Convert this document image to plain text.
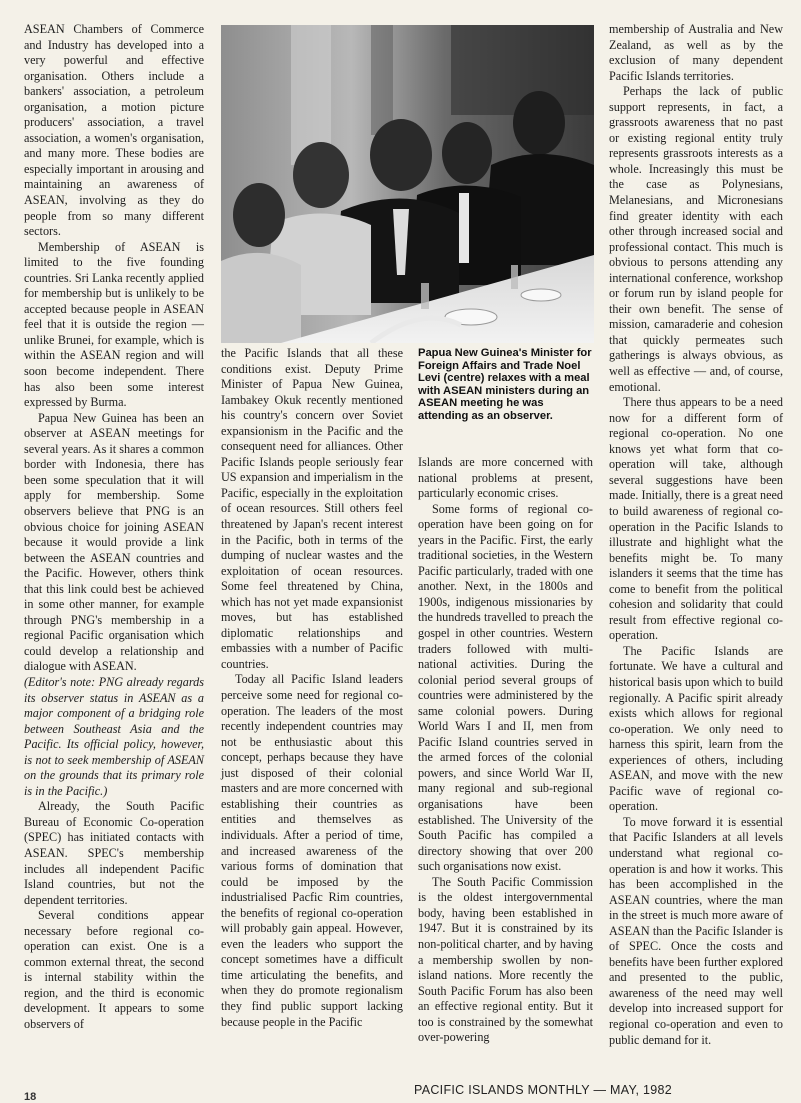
ASEAN Chambers of Commerce and Industry has developed into a very powerful and effective organisation. Others include a bankers' association, a petroleum organisation, a motion picture producers' association, a travel association, a women's organisation, and many more. These bodies are especially important in arousing and maintaining an awareness of ASEAN, involving as they do people from so many different sectors.

Membership of ASEAN is limited to the five founding countries. Sri Lanka recently applied for membership but is unlikely to be accepted because people in ASEAN feel that it is outside the region — unlike Brunei, for example, which is within the ASEAN region and will soon become independent. There has also been some interest expressed by Burma.

Papua New Guinea has been an observer at ASEAN meetings for several years. As it shares a common border with Indonesia, there has been some speculation that it will apply for membership. Some observers believe that PNG is an obvious choice for joining ASEAN because it would provide a link between the ASEAN countries and the Pacific. However, others think that this link could best be achieved in some other manner, for example through PNG's membership in a regional Pacific organisation which could develop a relationship and dialogue with ASEAN.

(Editor's note: PNG already regards its observer status in ASEAN as a major component of a bridging role between Southeast Asia and the Pacific. Its official policy, however, is not to seek membership of ASEAN on the grounds that its primary role is in the Pacific.)

Already, the South Pacific Bureau of Economic Co-operation (SPEC) has initiated contacts with ASEAN. SPEC's membership includes all independent Pacific Island countries, but not the dependent territories.

Several conditions appear necessary before regional co-operation can exist. One is a common external threat, the second is internal stability within the region, and the third is economic development. It appears to some observers of

the Pacific Islands that all these conditions exist. Deputy Prime Minister of Papua New Guinea, Iambakey Okuk recently mentioned his country's concern over Soviet expansionism in the Pacific and the consequent need for alliances. Other Pacific Islands people seriously fear US expansion and imperialism in the Pacific, especially in the exploitation of ocean resources. Still others feel threatened by Japan's recent interest in the Pacific, both in terms of the dumping of nuclear wastes and the exploitation of ocean resources. Some feel threatened by China, which has not yet made expansionist moves, but has established diplomatic relationships and embassies with a number of Pacific countries.

Today all Pacific Island leaders perceive some need for regional co-operation. The leaders of the most recently independent countries may not be enthusiastic about this concept, perhaps because they have just disposed of their colonial masters and are more concerned with establishing their countries as entities and themselves as individuals. After a period of time, and increased awareness of the various forms of domination that could be imposed by the industrialised Pacfic Rim countries, the benefits of regional co-operation will probably gain appeal. However, even the leaders who support the concept sometimes have a difficult time articulating the benefits, and when they do promote regionalism they find public support lacking because people in the Pacific

Papua New Guinea's Minister for Foreign Affairs and Trade Noel Levi (centre) relaxes with a meal with ASEAN ministers during an ASEAN meeting he was attending as an observer.

Islands are more concerned with national problems at present, particularly economic crises.

Some forms of regional co-operation have been going on for years in the Pacific. First, the early traditional societies, in the Western Pacific particularly, traded with one another. Next, in the 1800s and 1900s, indigenous missionaries by the hundreds travelled to preach the gospel in other countries. Western traders followed with multi-national activities. During the colonial period several groups of countries were administered by the same colonial powers. During World Wars I and II, men from Pacific Island countries served in the armed forces of the colonial powers, and since World War II, many regional and sub-regional organisations have been established. The University of the South Pacific has compiled a directory showing that over 200 such organisations now exist.

The South Pacific Commission is the oldest intergovernmental body, having been established in 1947. But it is constrained by its non-political charter, and by having a membership swollen by non-island nations. More recently the South Pacific Forum has also been an effective regional entity. But it too is constrained by the somewhat over-powering

membership of Australia and New Zealand, as well as by the exclusion of many dependent Pacific Islands territories.

Perhaps the lack of public support represents, in fact, a grassroots awareness that no past or existing regional entity truly represents grassroots interests as a whole. Increasingly this must be the case as Polynesians, Melanesians, and Micronesians find greater identity with each other through increased social and professional contact. This much is obvious to persons attending any international conference, workshop or forum run by island people for their own benefit. The sense of mission, camaraderie and cohesion that quickly permeates such gatherings is always obvious, as well as effective — and, of course, emotional.

There thus appears to be a need now for a different form of regional co-operation. No one knows yet what form that co-operation will take, although several suggestions have been made. Initially, there is a great need to build awareness of regional co-operation in the Pacific Islands to illustrate and highlight what the benefits might be. To many islanders it seems that the time has come to benefit from the political cohesion and solidarity that could result from effective regional co-operation.

The Pacific Islands are fortunate. We have a cultural and historical basis upon which to build regionally. A Pacific spirit already exists which allows for regional co-operation. We only need to harness this spirit, learn from the experiences of others, including ASEAN, and move with the new Pacific wave of regional co-operation.

To move forward it is essential that Pacific Islanders at all levels understand what regional co-operation is and how it works. This has been accomplished in the ASEAN countries, where the man in the street is much more aware of ASEAN than the Pacific Islander is of SPEC. Once the costs and benefits have been further explored and presented to the public, awareness of the need may well develop into increased support for regional co-operation and even to public demand for it.

18	PACIFIC ISLANDS MONTHLY — MAY, 1982
